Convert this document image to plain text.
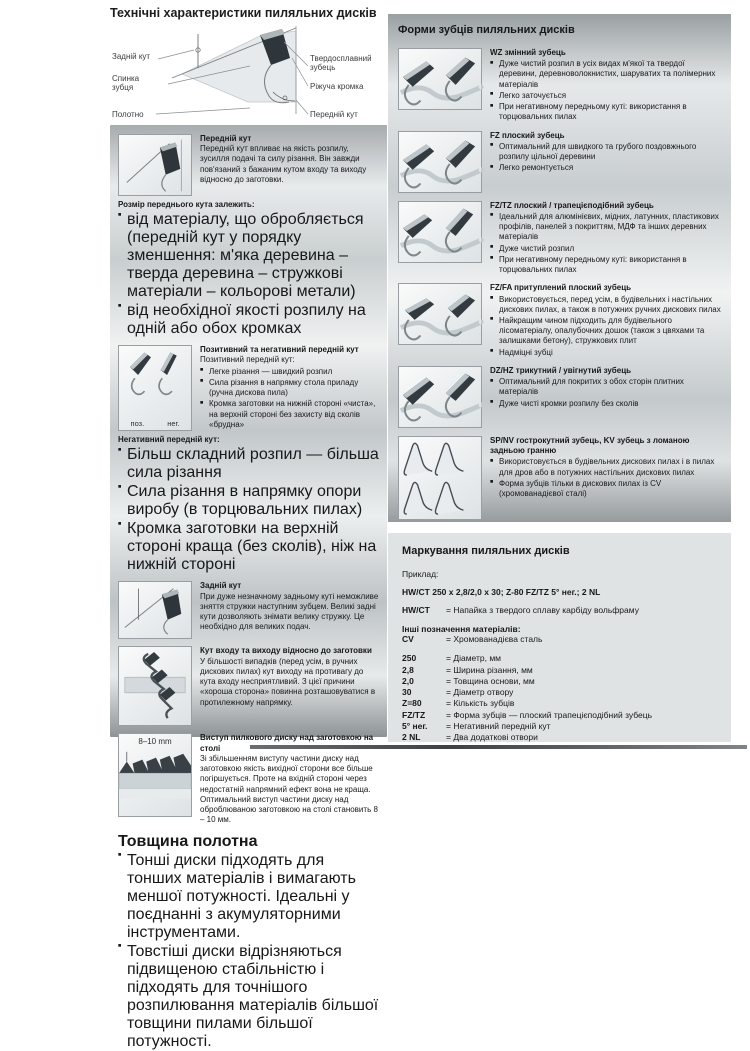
Технічні характеристики пиляльних дисків
Задній кут
Спинка зубця
Полотно
Твердосплавний зубець
Ріжуча кромка
Передній кут
Передній кут
Передній кут впливає на якість розпилу, зусилля подачі та силу різання. Він завжди пов'язаний з бажаним кутом входу та виходу відносно до заготовки.
Розмір переднього кута залежить:
■ від матеріалу, що обробляється (передній кут у порядку зменшення: м'яка деревина – тверда деревина – стружкові матеріали – кольорові метали)
■ від необхідної якості розпилу на одній або обох кромках
поз.	нег.
Позитивний та негативний передній кут
Позитивний передній кут:
■ Легке різання — швидкий розпил
■ Сила різання в напрямку стола приладу (ручна дискова пила)
■ Кромка заготовки на нижній стороні «чиста», на верхній стороні без захисту від сколів «брудна»
Негативний передній кут:
■ Більш складний розпил — більша сила різання
■ Сила різання в напрямку опори виробу (в торцювальних пилах)
■ Кромка заготовки на верхній стороні краща (без сколів), ніж на нижній стороні
Задній кут
При дуже незначному задньому куті неможливе зняття стружки наступним зубцем. Великі задні кути дозволяють знімати велику стружку. Це необхідно для великих подач.
Кут входу та виходу відносно до заготовки
У більшості випадків (перед усім, в ручних дискових пилах) кут виходу на противагу до кута входу несприятливий. З цієї причини «хороша сторона» повинна розташовуватися в протилежному напрямку.
8–10 mm	Виступ пилкового диску над заготовкою на столі
Зі збільшенням виступу частини диску над заготовкою якість вихідної сторони все більше погіршується. Проте на вхідній стороні через недостатній напрямний ефект вона не краща. Оптимальний виступ частини диску над оброблюваною заготовкою на столі становить 8 – 10 мм.
Товщина полотна
■ Тонші диски підходять для тонших матеріалів і вимагають меншої потужності. Ідеальні у поєднанні з акумуляторними інструментами.
■ Товстіші диски відрізняються підвищеною стабільністю і підходять для точнішого розпилювання матеріалів більшої товщини пилами більшої потужності.
Форми зубців пиляльних дисків
WZ змінний зубець
■ Дуже чистий розпил в усіх видах м'якої та твердої деревини, деревноволокнистих, шаруватих та полімерних матеріалів
■ Легко заточується
■ При негативному передньому куті: використання в торцювальних пилах
FZ плоский зубець
■ Оптимальний для швидкого та грубого поздовжнього розпилу цільної деревини
■ Легко ремонтується
FZ/TZ плоский / трапецієподібний зубець
■ Ідеальний для алюмінієвих, мідних, латунних, пластикових профілів, панелей з покриттям, МДФ та інших деревних матеріалів
■ Дуже чистий розпил
■ При негативному передньому куті: використання в торцювальних пилах
FZ/FA притуплений плоский зубець
■ Використовується, перед усім, в будівельних і настільних дискових пилах, а також в потужних ручних дискових пилах
■ Найкращим чином підходить для будівельного лісоматеріалу, опалубочних дошок (також з цвяхами та залишками бетону), стружкових плит
■ Надміцні зубці
DZ/HZ трикутний / увігнутий зубець
■ Оптимальний для покритих з обох сторін плитних матеріалів
■ Дуже чисті кромки розпилу без сколів
SP/NV гострокутний зубець, KV зубець з ломаною задньою гранню
■ Використовується в будівельних дискових пилах і в пилах для дров або в потужних настільних дискових пилах
■ Форма зубців тільки в дискових пилах із CV (хромованадієвої сталі)
Маркування пиляльних дисків
Приклад:
HW/CT 250 x 2,8/2,0 x 30; Z-80 FZ/TZ 5° нег.; 2 NL
HW/CT	= Напайка з твердого сплаву карбіду вольфраму
Інші позначення матеріалів:
CV	= Хромованадієва сталь
250	= Діаметр, мм
2,8	= Ширина різання, мм
2,0	= Товщина основи, мм
30	= Діаметр отвору
Z=80	= Кількість зубців
FZ/TZ	= Форма зубців — плоский трапецієподібний зубець
5° нег.	= Негативний передній кут
2 NL	= Два додаткові отвори
